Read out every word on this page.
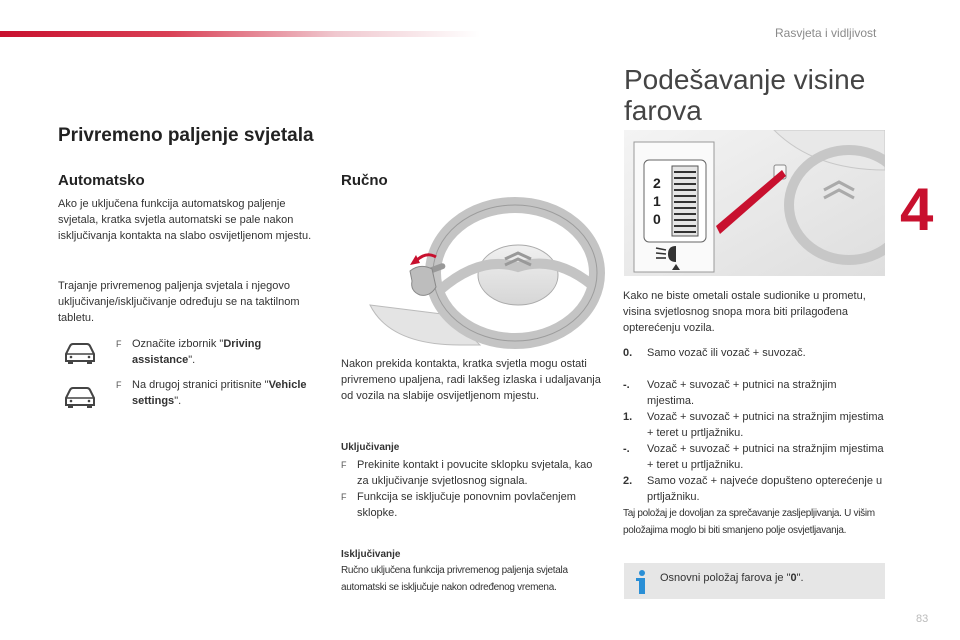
Rasvjeta i vidljivost
4
83
Privremeno paljenje svjetala
Automatsko
Ako je uključena funkcija automatskog paljenje svjetala, kratka svjetla automatski se pale nakon isključivanja kontakta na slabo osvijetljenom mjestu.
Trajanje privremenog paljenja svjetala i njegovo uključivanje/isključivanje određuju se na taktilnom tabletu.
F Označite izbornik "Driving assistance".
F Na drugoj stranici pritisnite "Vehicle settings".
Ručno
Nakon prekida kontakta, kratka svjetla mogu ostati privremeno upaljena, radi lakšeg izlaska i udaljavanja od vozila na slabije osvijetljenom mjestu.
Uključivanje
F Prekinite kontakt i povucite sklopku svjetala, kao za uključivanje svjetlosnog signala.
F Funkcija se isključuje ponovnim povlačenjem sklopke.
Isključivanje
Ručno uključena funkcija privremenog paljenja svjetala automatski se isključuje nakon određenog vremena.
Podešavanje visine farova
2
1
0
Kako ne biste ometali ostale sudionike u prometu, visina svjetlosnog snopa mora biti prilagođena opterećenju vozila.
0.	Samo vozač ili vozač + suvozač.
-.	Vozač + suvozač + putnici na stražnjim mjestima.
1.	Vozač + suvozač + putnici na stražnjim mjestima + teret u prtljažniku.
-.	Vozač + suvozač + putnici na stražnjim mjestima + teret u prtljažniku.
2.	Samo vozač + najveće dopušteno opterećenje u prtljažniku.
Taj položaj je dovoljan za sprečavanje zasljepljivanja. U višim položajima moglo bi biti smanjeno polje osvjetljavanja.
Osnovni položaj farova je "0".
